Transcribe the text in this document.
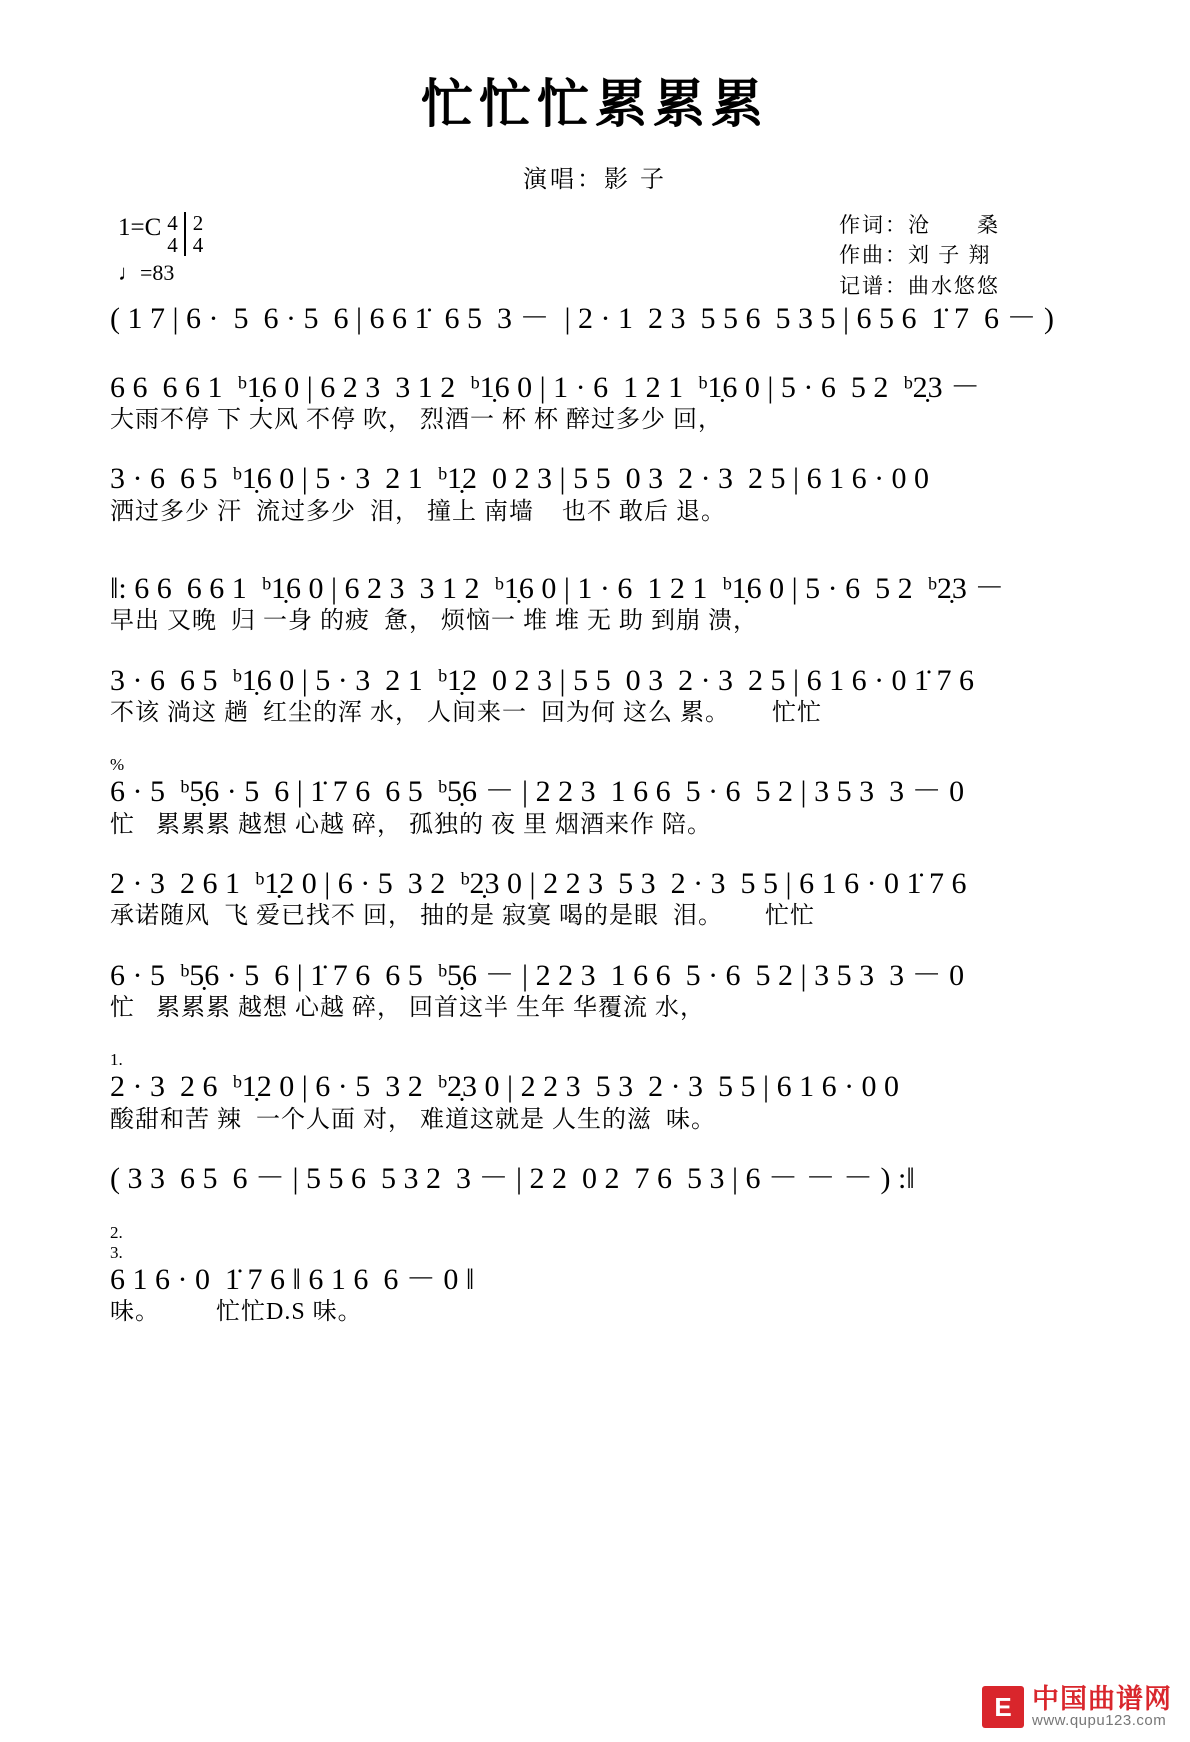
忙忙忙累累累
演唱：影 子
1=C 4
4
2
4
♩=83
作词：沧　　桑
作曲：刘 子 翔
记谱：曲水悠悠
( 1 7 | 6 ·  5  6 · 5  6 | 6 6 1̇  6 5  3 －  | 2 · 1  2 3  5 5 6  5 3 5 | 6 5 6  1̇ 7  6 － )
6 6  6 6 1  ᵇ1̣6 0 | 6 2 3  3 1 2  ᵇ1̣6 0 | 1 · 6  1 2 1  ᵇ1̣6 0 | 5 · 6  5 2  ᵇ2̣3 －
大雨不停 下 大风 不停 吹， 烈酒一 杯 杯 醉过多少 回，
3 · 6  6 5  ᵇ1̣6 0 | 5 · 3  2 1  ᵇ1̣2  0 2 3 | 5 5  0 3  2 · 3  2 5 | 6 1 6 · 0 0
洒过多少 汗  流过多少  泪， 撞上 南墙    也不 敢后 退。
‖: 6 6  6 6 1  ᵇ1̣6 0 | 6 2 3  3 1 2  ᵇ1̣6 0 | 1 · 6  1 2 1  ᵇ1̣6 0 | 5 · 6  5 2  ᵇ2̣3 －
早出 又晚  归 一身 的疲  惫， 烦恼一 堆 堆 无 助 到崩 溃，
3 · 6  6 5  ᵇ1̣6 0 | 5 · 3  2 1  ᵇ1̣2  0 2 3 | 5 5  0 3  2 · 3  2 5 | 6 1 6 · 0 1̇ 7 6
不该 淌这 趟  红尘的浑 水， 人间来一  回为何 这么 累。      忙忙
%
6 · 5  ᵇ5̣6 · 5  6 | 1̇ 7 6  6 5  ᵇ5̣6 － | 2 2 3  1 6 6  5 · 6  5 2 | 3 5 3  3 － 0
忙   累累累 越想 心越 碎， 孤独的 夜 里 烟酒来作 陪。
2 · 3  2 6 1  ᵇ1̣2 0 | 6 · 5  3 2  ᵇ2̣3 0 | 2 2 3  5 3  2 · 3  5 5 | 6 1 6 · 0 1̇ 7 6
承诺随风  飞 爱已找不 回， 抽的是 寂寞 喝的是眼  泪。      忙忙
6 · 5  ᵇ5̣6 · 5  6 | 1̇ 7 6  6 5  ᵇ5̣6 － | 2 2 3  1 6 6  5 · 6  5 2 | 3 5 3  3 － 0
忙   累累累 越想 心越 碎， 回首这半 生年 华覆流 水，
1.
2 · 3  2 6  ᵇ1̣2 0 | 6 · 5  3 2  ᵇ2̣3 0 | 2 2 3  5 3  2 · 3  5 5 | 6 1 6 · 0 0
酸甜和苦 辣  一个人面 对， 难道这就是 人生的滋  味。
( 3 3  6 5  6 － | 5 5 6  5 3 2  3 － | 2 2  0 2  7 6  5 3 | 6 － － － ) :‖
2.
3.
6 1 6 · 0  1̇ 7 6 ‖ 6 1 6  6 － 0 ‖
味。        忙忙D.S 味。
E 中国曲谱网
www.qupu123.com
